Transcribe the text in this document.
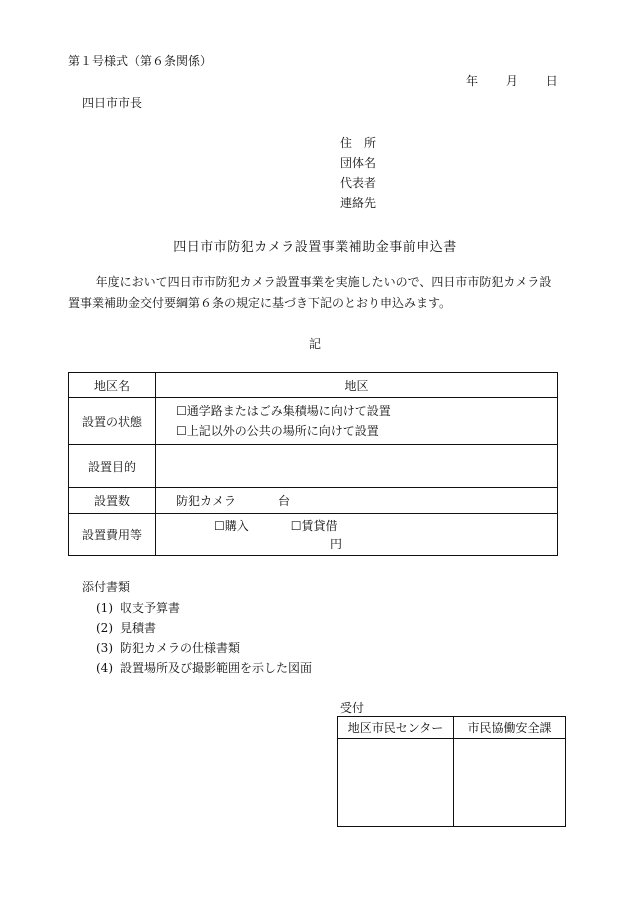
第１号様式（第６条関係）
年 月 日
四日市市長
住　所
団体名
代表者
連絡先
四日市市防犯カメラ設置事業補助金事前申込書
年度において四日市市防犯カメラ設置事業を実施したいので、四日市市防犯カメラ設置事業補助金交付要綱第６条の規定に基づき下記のとおり申込みます。
記
地区名	地区
設置の状態	☐通学路またはごみ集積場に向けて設置
☐上記以外の公共の場所に向けて設置

設置目的	
設置数	防犯カメラ 台
設置費用等	☐購入 ☐賃貸借
円
添付書類
(1) 収支予算書
(2) 見積書
(3) 防犯カメラの仕様書類
(4) 設置場所及び撮影範囲を示した図面
受付
地区市民センター	市民協働安全課
